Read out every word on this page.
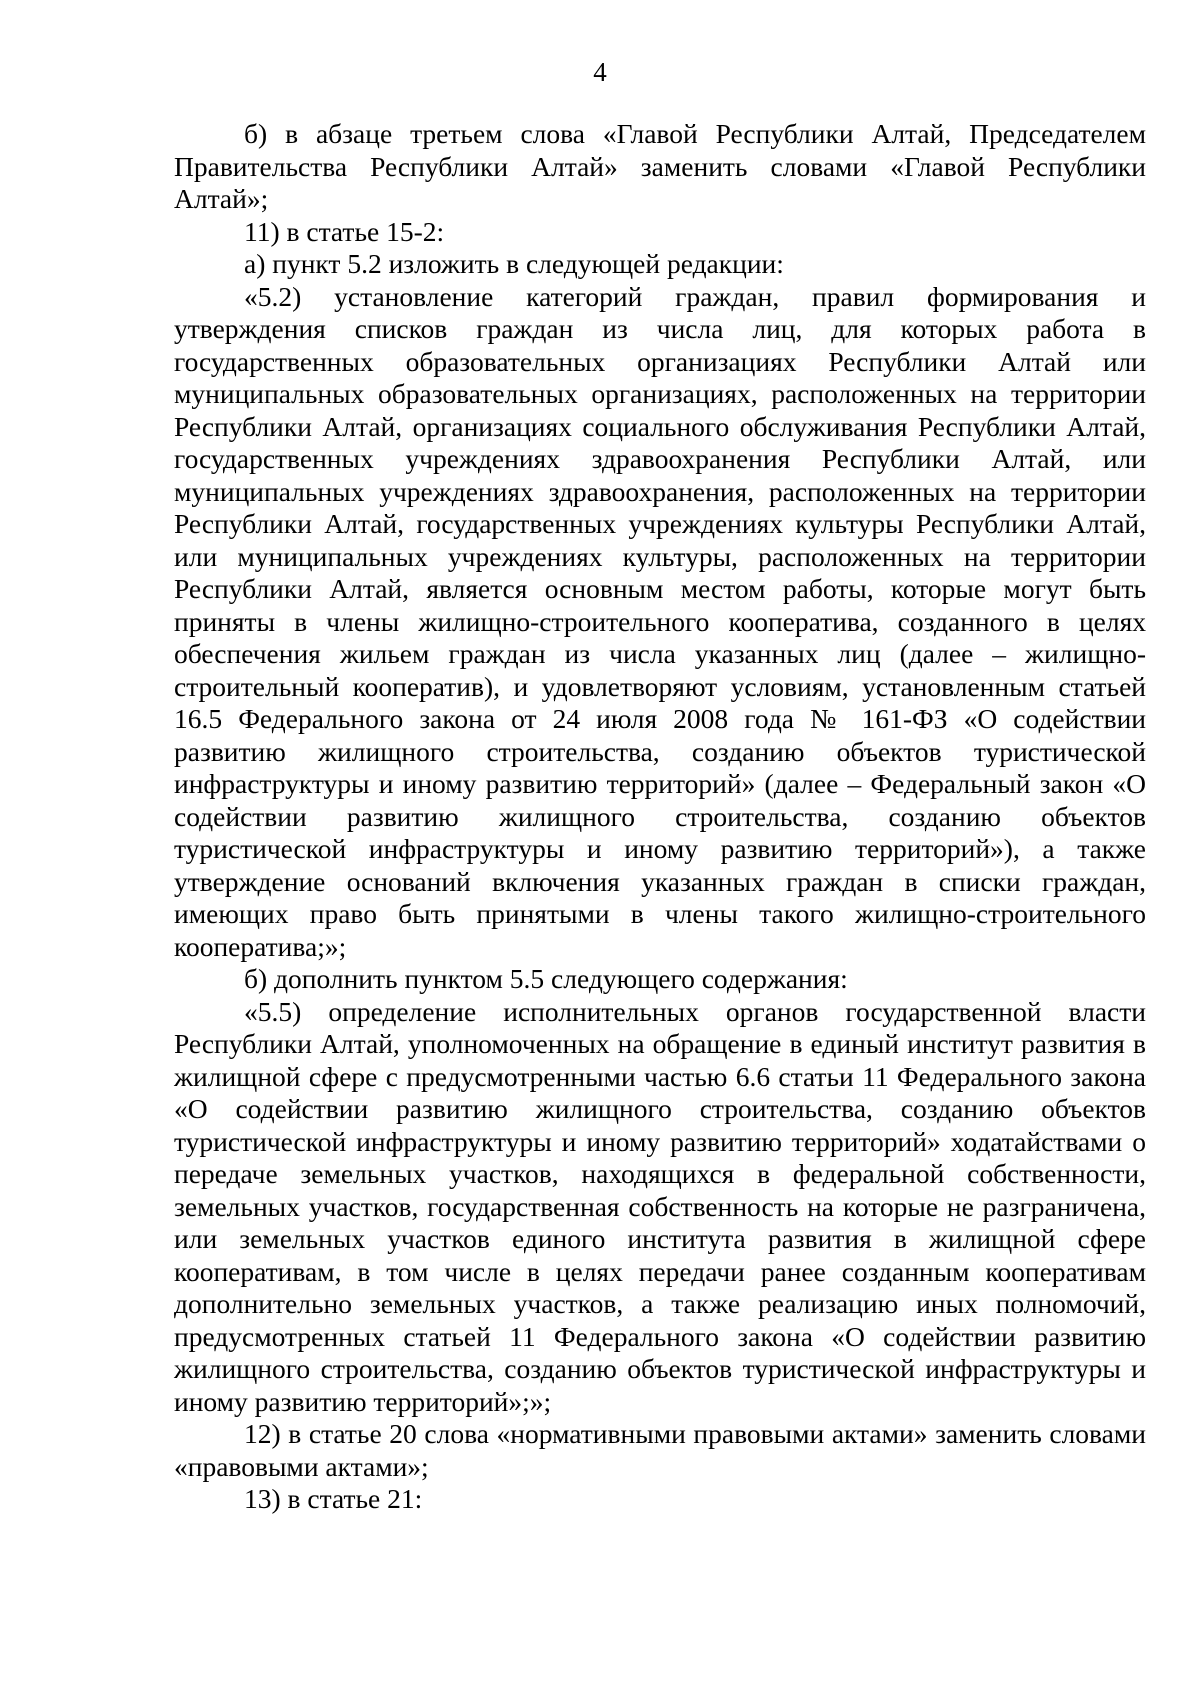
4

б) в абзаце третьем слова «Главой Республики Алтай, Председателем Правительства Республики Алтай» заменить словами «Главой Республики Алтай»;

11) в статье 15-2:

а) пункт 5.2 изложить в следующей редакции:

«5.2) установление категорий граждан, правил формирования и утверждения списков граждан из числа лиц, для которых работа в государственных образовательных организациях Республики Алтай или муниципальных образовательных организациях, расположенных на территории Республики Алтай, организациях социального обслуживания Республики Алтай, государственных учреждениях здравоохранения Республики Алтай, или муниципальных учреждениях здравоохранения, расположенных на территории Республики Алтай, государственных учреждениях культуры Республики Алтай, или муниципальных учреждениях культуры, расположенных на территории Республики Алтай, является основным местом работы, которые могут быть приняты в члены жилищно-строительного кооператива, созданного в целях обеспечения жильем граждан из числа указанных лиц (далее – жилищно-строительный кооператив), и удовлетворяют условиям, установленным статьей 16.5 Федерального закона от 24 июля 2008 года № 161-ФЗ «О содействии развитию жилищного строительства, созданию объектов туристической инфраструктуры и иному развитию территорий» (далее – Федеральный закон «О содействии развитию жилищного строительства, созданию объектов туристической инфраструктуры и иному развитию территорий»), а также утверждение оснований включения указанных граждан в списки граждан, имеющих право быть принятыми в члены такого жилищно-строительного кооператива;»;

б) дополнить пунктом 5.5 следующего содержания:

«5.5) определение исполнительных органов государственной власти Республики Алтай, уполномоченных на обращение в единый институт развития в жилищной сфере с предусмотренными частью 6.6 статьи 11 Федерального закона «О содействии развитию жилищного строительства, созданию объектов туристической инфраструктуры и иному развитию территорий» ходатайствами о передаче земельных участков, находящихся в федеральной собственности, земельных участков, государственная собственность на которые не разграничена, или земельных участков единого института развития в жилищной сфере кооперативам, в том числе в целях передачи ранее созданным кооперативам дополнительно земельных участков, а также реализацию иных полномочий, предусмотренных статьей 11 Федерального закона «О содействии развитию жилищного строительства, созданию объектов туристической инфраструктуры и иному развитию территорий»;»;

12) в статье 20 слова «нормативными правовыми актами» заменить словами «правовыми актами»;

13) в статье 21:
